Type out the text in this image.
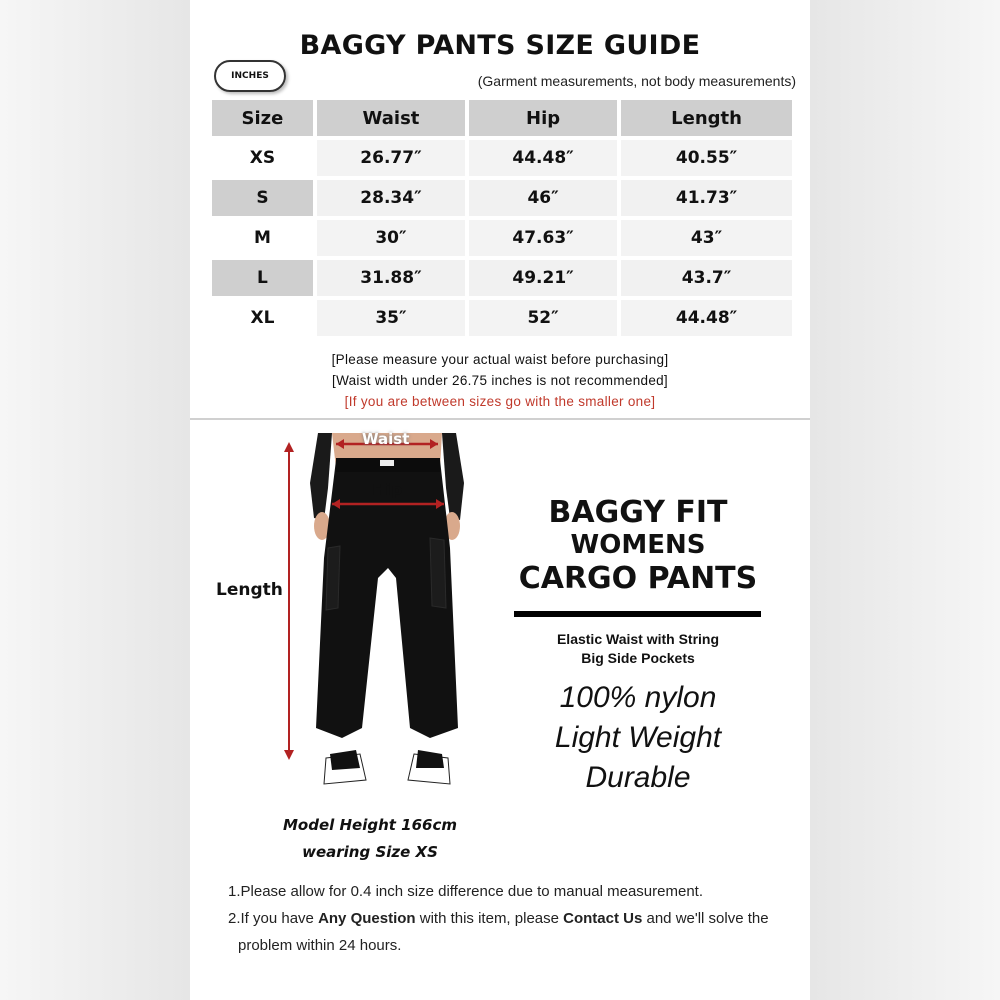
BAGGY PANTS SIZE GUIDE
INCHES	(Garment measurements, not body measurements)
Size	Waist	Hip	Length
XS	26.77″	44.48″	40.55″
S	28.34″	46″	41.73″
M	30″	47.63″	43″
L	31.88″	49.21″	43.7″
XL	35″	52″	44.48″
[Please measure your actual waist before purchasing]
[Waist width under 26.75 inches is not recommended]
[If you are between sizes go with the smaller one]
Length
Waist
Hip
Model Height 166cm
wearing Size XS
BAGGY FIT
WOMENS
CARGO PANTS
Elastic Waist with String
Big Side Pockets
100% nylon
Light Weight
Durable
1.Please allow for 0.4 inch size difference due to manual measurement.
2.If you have Any Question with this item, please Contact Us and we'll solve the
problem within 24 hours.
